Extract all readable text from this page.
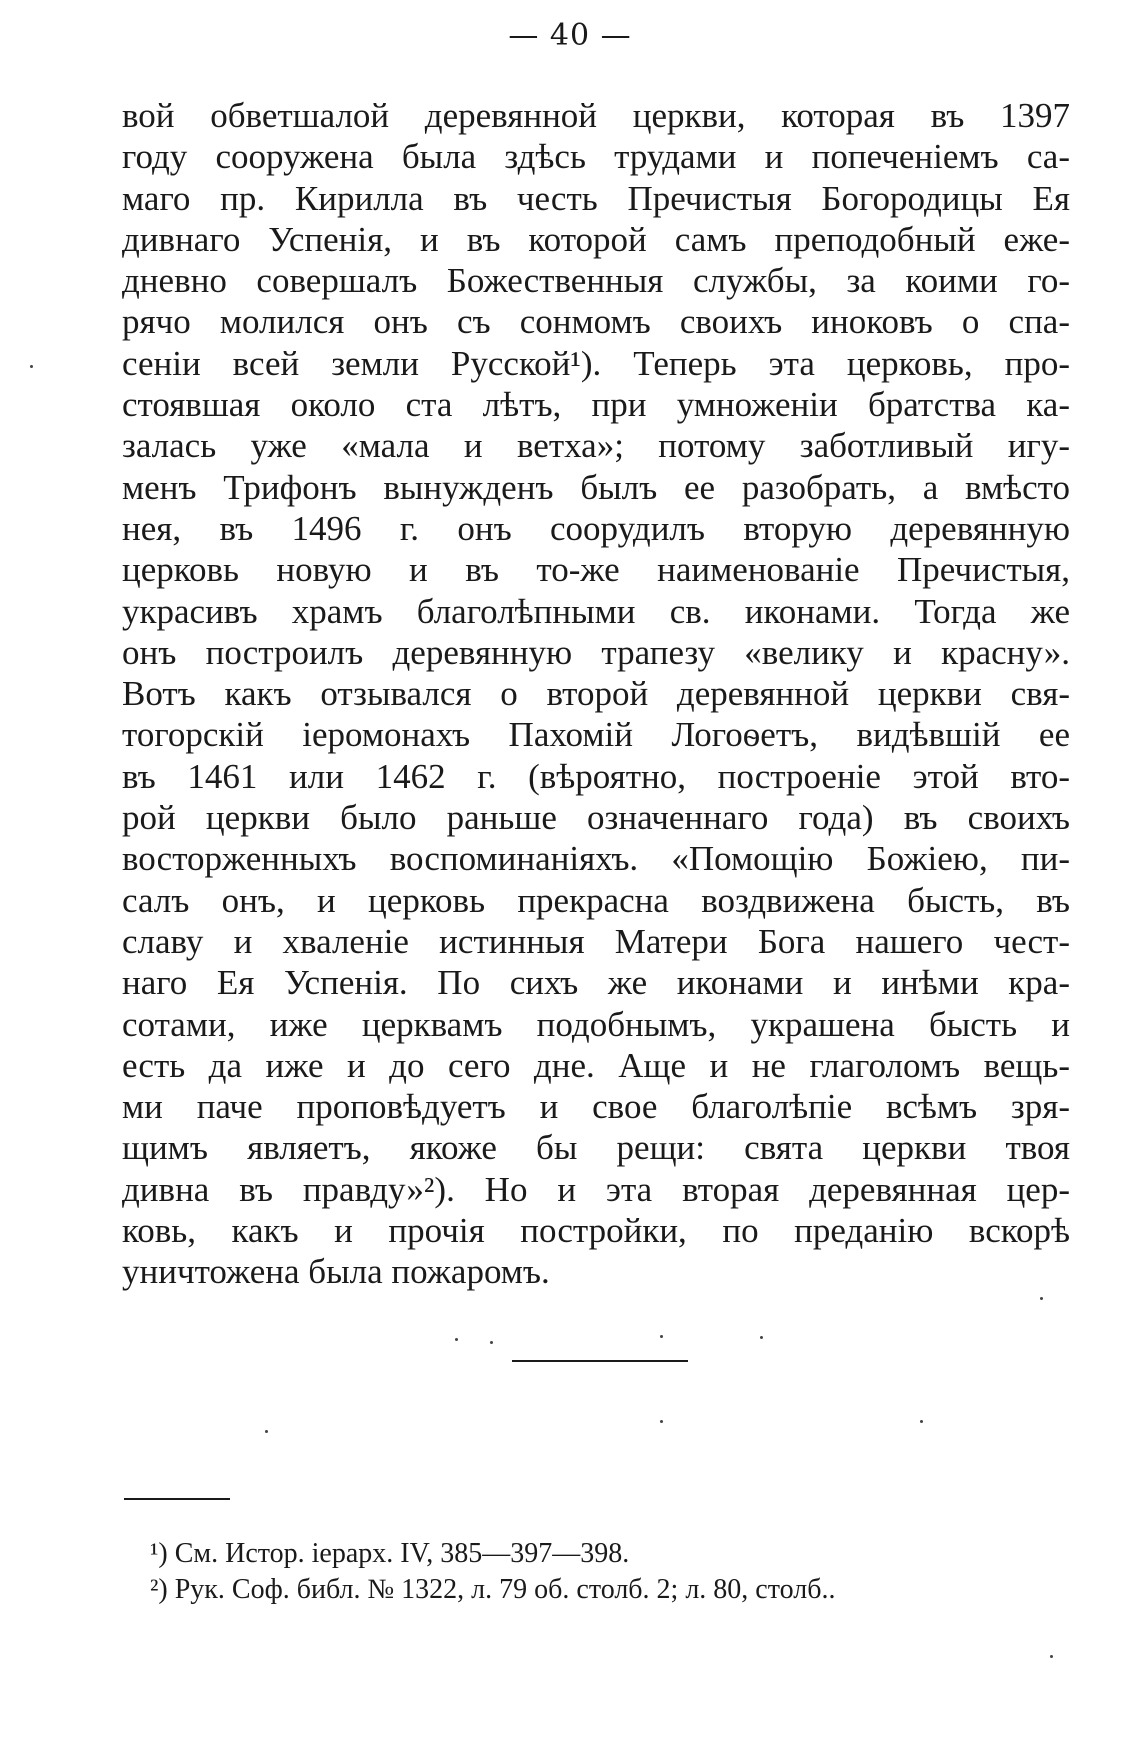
— 40 —
вой обветшалой деревянной церкви, которая въ 1397
году сооружена была здѣсь трудами и попеченіемъ са-
маго пр. Кирилла въ честь Пречистыя Богородицы Ея
дивнаго Успенія, и въ которой самъ преподобный еже-
дневно совершалъ Божественныя службы, за коими го-
рячо молился онъ съ сонмомъ своихъ иноковъ о спа-
сеніи всей земли Русской¹). Теперь эта церковь, про-
стоявшая около ста лѣтъ, при умноженіи братства ка-
залась уже «мала и ветха»; потому заботливый игу-
менъ Трифонъ вынужденъ былъ ее разобрать, а вмѣсто
нея, въ 1496 г. онъ соорудилъ вторую деревянную
церковь новую и въ то-же наименованіе Пречистыя,
украсивъ храмъ благолѣпными св. иконами. Тогда же
онъ построилъ деревянную трапезу «велику и красну».
Вотъ какъ отзывался о второй деревянной церкви свя-
тогорскій іеромонахъ Пахомій Логоѳетъ, видѣвшій ее
въ 1461 или 1462 г. (вѣроятно, построеніе этой вто-
рой церкви было раньше означеннаго года) въ своихъ
восторженныхъ воспоминаніяхъ. «Помощію Божіею, пи-
салъ онъ, и церковь прекрасна воздвижена бысть, въ
славу и хваленіе истинныя Матери Бога нашего чест-
наго Ея Успенія. По сихъ же иконами и инѣми кра-
сотами, иже церквамъ подобнымъ, украшена бысть и
есть да иже и до сего дне. Аще и не глаголомъ вещь-
ми паче проповѣдуетъ и свое благолѣпіе всѣмъ зря-
щимъ являетъ, якоже бы рещи: свята церкви твоя
дивна въ правду»²). Но и эта вторая деревянная цер-
ковь, какъ и прочія постройки, по преданію вскорѣ
уничтожена была пожаромъ.
¹) См. Истор. іерарх. IV, 385—397—398.
²) Рук. Соф. библ. № 1322, л. 79 об. столб. 2; л. 80, столб..
